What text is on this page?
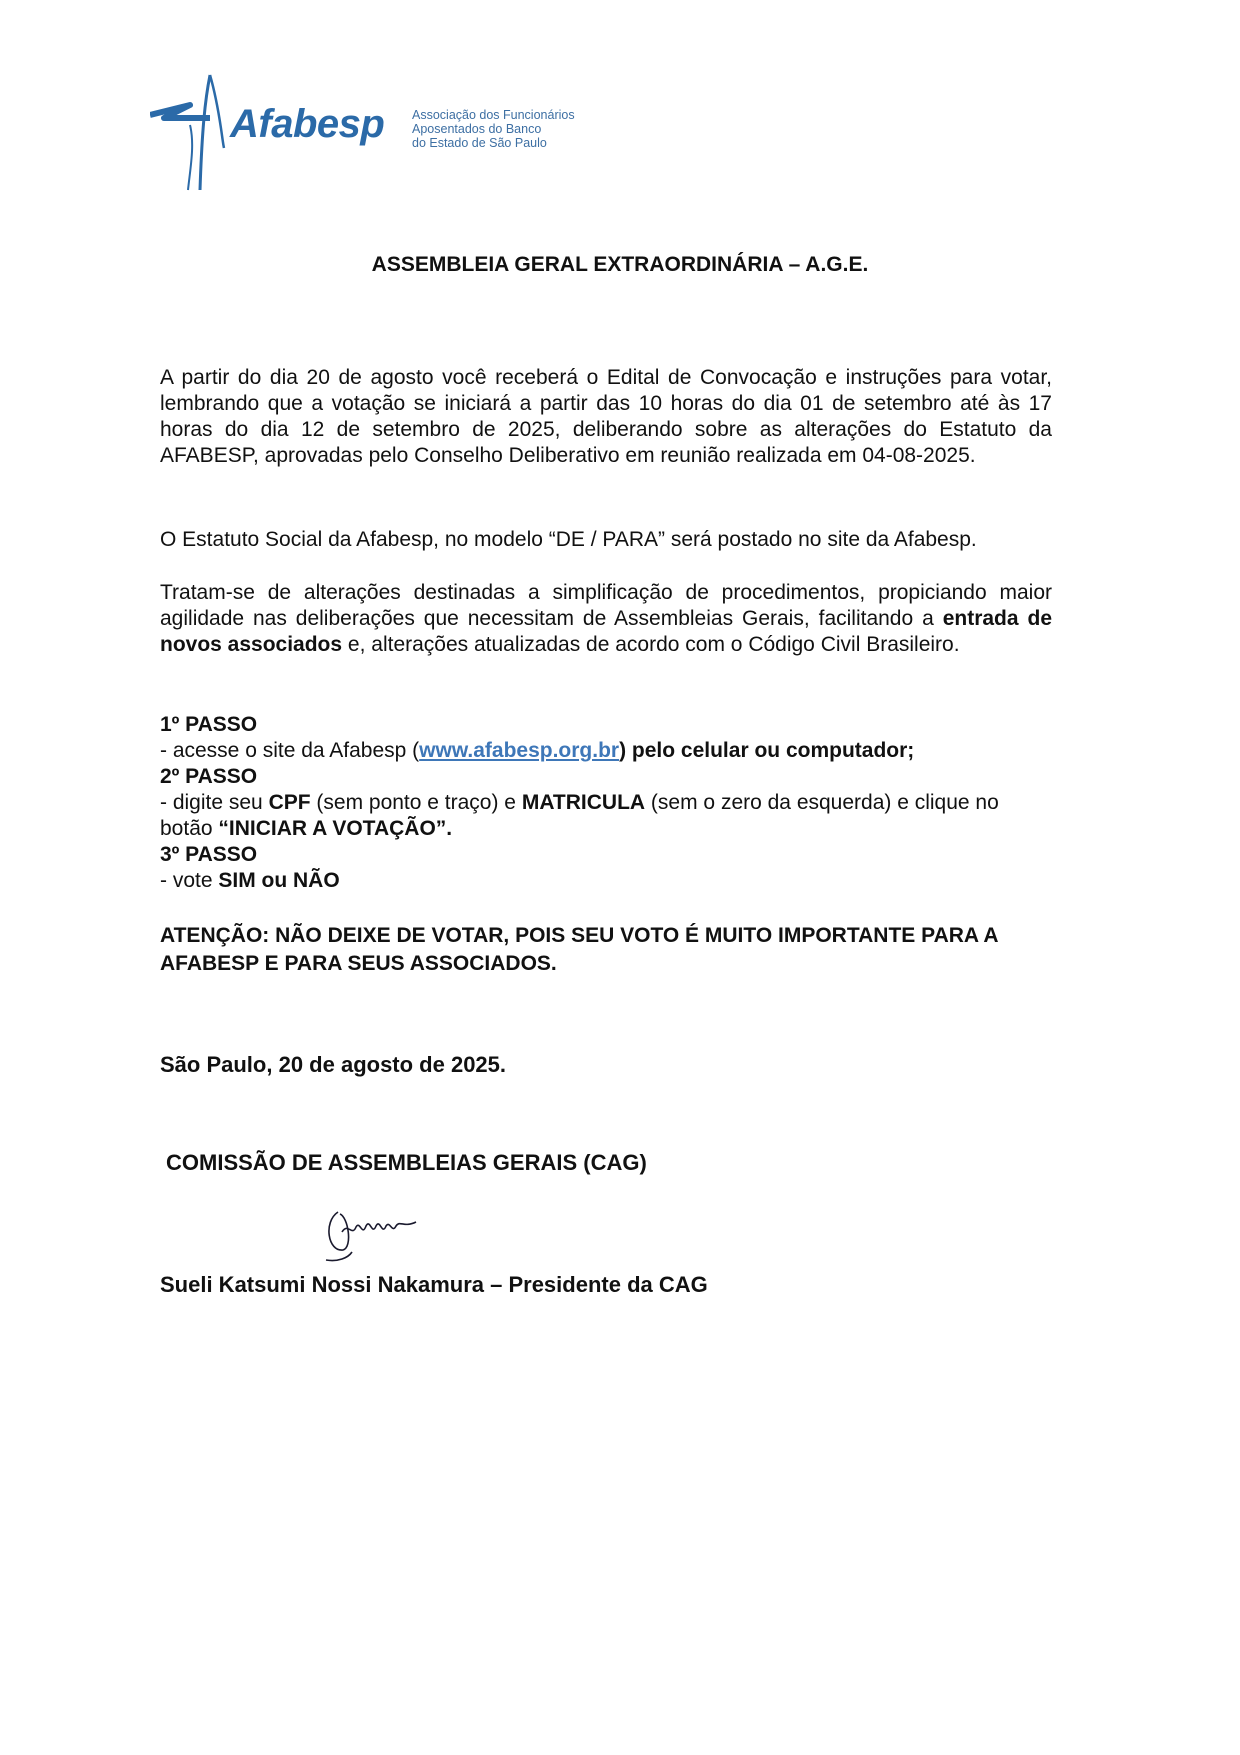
Afabesp Associação dos Funcionários
Aposentados do Banco
do Estado de São Paulo
ASSEMBLEIA GERAL EXTRAORDINÁRIA – A.G.E.
A partir do dia 20 de agosto você receberá o Edital de Convocação e instruções para votar, lembrando que a votação se iniciará a partir das 10 horas do dia 01 de setembro até às 17 horas do dia 12 de setembro de 2025, deliberando sobre as alterações do Estatuto da AFABESP, aprovadas pelo Conselho Deliberativo em reunião realizada em 04-08-2025.
O Estatuto Social da Afabesp, no modelo “DE / PARA” será postado no site da Afabesp.
Tratam-se de alterações destinadas a simplificação de procedimentos, propiciando maior agilidade nas deliberações que necessitam de Assembleias Gerais, facilitando a entrada de novos associados e, alterações atualizadas de acordo com o Código Civil Brasileiro.
1º PASSO
- acesse o site da Afabesp (www.afabesp.org.br) pelo celular ou computador;
2º PASSO
- digite seu CPF (sem ponto e traço) e MATRICULA (sem o zero da esquerda) e clique no botão “INICIAR A VOTAÇÃO”.
3º PASSO
- vote SIM ou NÃO
ATENÇÃO: NÃO DEIXE DE VOTAR, POIS SEU VOTO É MUITO IMPORTANTE PARA A AFABESP E PARA SEUS ASSOCIADOS.
São Paulo, 20 de agosto de 2025.
COMISSÃO DE ASSEMBLEIAS GERAIS (CAG)
Sueli Katsumi Nossi Nakamura – Presidente da CAG
